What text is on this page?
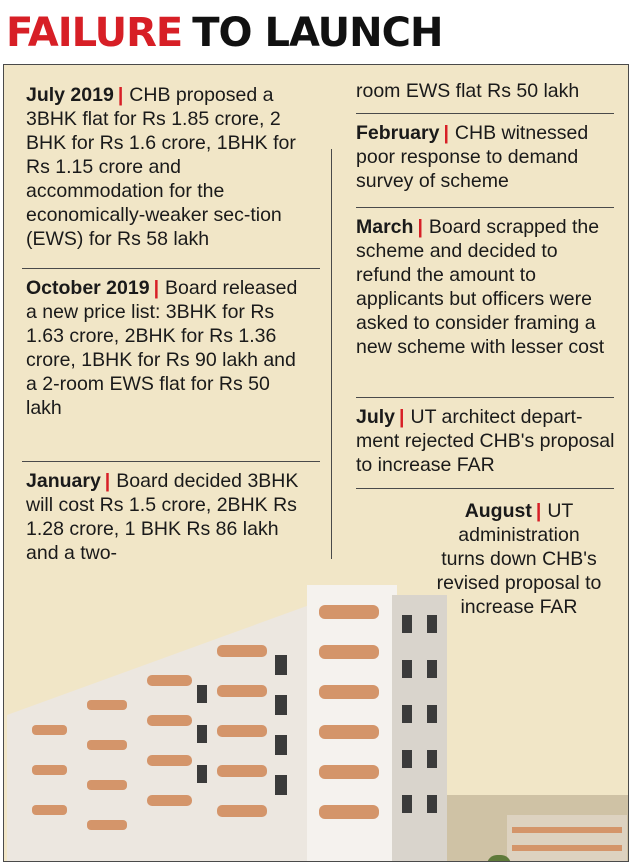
FAILURE TO LAUNCH
July 2019 | CHB proposed a 3BHK flat for Rs 1.85 crore, 2 BHK for Rs 1.6 crore, 1BHK for Rs 1.15 crore and accommodation for the economically-weaker sec-tion (EWS) for Rs 58 lakh
October 2019 | Board released a new price list: 3BHK for Rs 1.63 crore, 2BHK for Rs 1.36 crore, 1BHK for Rs 90 lakh and a 2-room EWS flat for Rs 50 lakh
January | Board decided 3BHK will cost Rs 1.5 crore, 2BHK Rs 1.28 crore, 1 BHK Rs 86 lakh and a two-
room EWS flat Rs 50 lakh
February | CHB witnessed poor response to demand survey of scheme
March | Board scrapped the scheme and decided to refund the amount to applicants but officers were asked to consider framing a new scheme with lesser cost
July | UT architect depart-ment rejected CHB's proposal to increase FAR
August | UT administration turns down CHB's revised proposal to increase FAR
